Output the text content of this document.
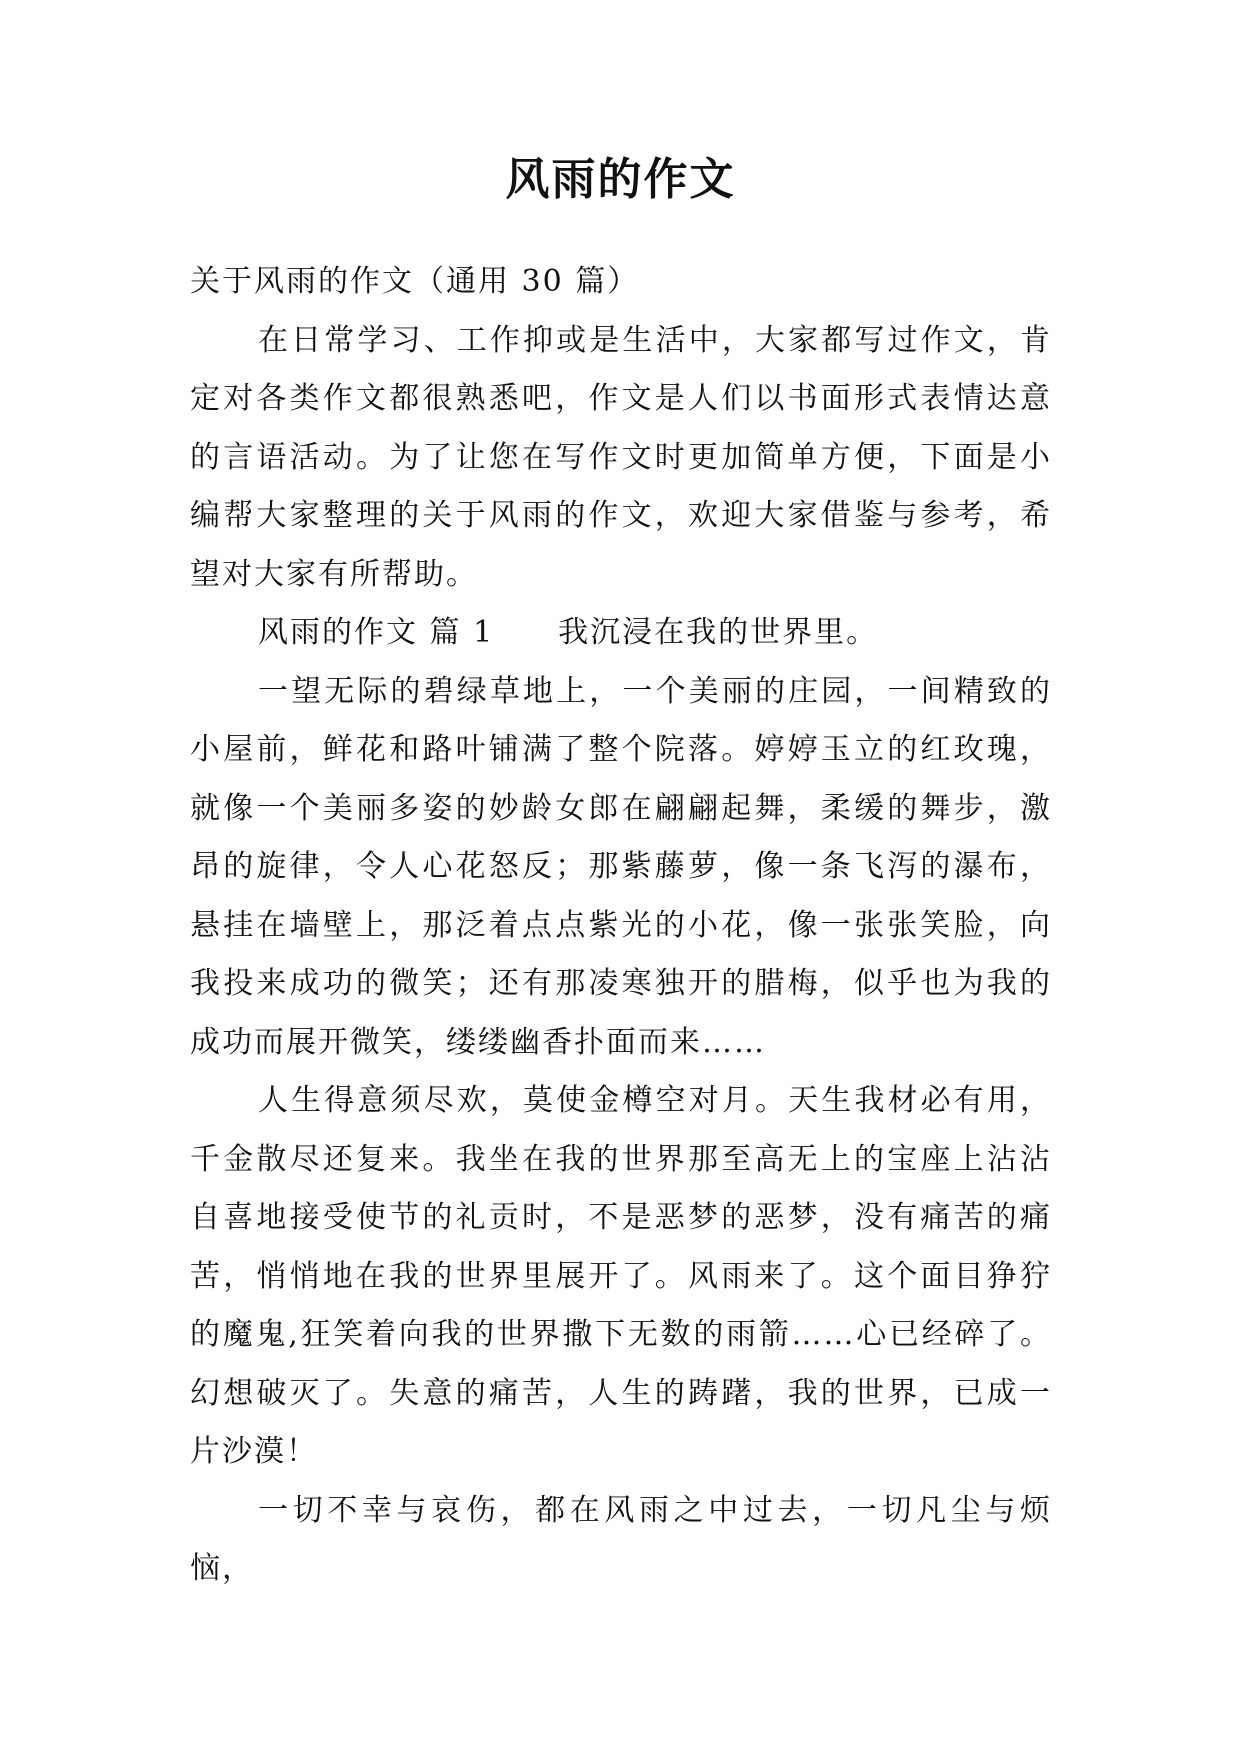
风雨的作文

关于风雨的作文（通用 30 篇）

在日常学习、工作抑或是生活中，大家都写过作文，肯定对各类作文都很熟悉吧，作文是人们以书面形式表情达意的言语活动。为了让您在写作文时更加简单方便，下面是小编帮大家整理的关于风雨的作文，欢迎大家借鉴与参考，希望对大家有所帮助。

风雨的作文 篇 1 我沉浸在我的世界里。

一望无际的碧绿草地上，一个美丽的庄园，一间精致的小屋前，鲜花和路叶铺满了整个院落。婷婷玉立的红玫瑰，就像一个美丽多姿的妙龄女郎在翩翩起舞，柔缓的舞步，激昂的旋律，令人心花怒反；那紫藤萝，像一条飞泻的瀑布，悬挂在墙壁上，那泛着点点紫光的小花，像一张张笑脸，向我投来成功的微笑；还有那凌寒独开的腊梅，似乎也为我的成功而展开微笑，缕缕幽香扑面而来……

人生得意须尽欢，莫使金樽空对月。天生我材必有用，千金散尽还复来。我坐在我的世界那至高无上的宝座上沾沾自喜地接受使节的礼贡时，不是恶梦的恶梦，没有痛苦的痛苦，悄悄地在我的世界里展开了。风雨来了。这个面目狰狞的魔鬼,狂笑着向我的世界撒下无数的雨箭……心已经碎了。幻想破灭了。失意的痛苦，人生的踌躇，我的世界，已成一片沙漠！

一切不幸与哀伤，都在风雨之中过去，一切凡尘与烦恼，
